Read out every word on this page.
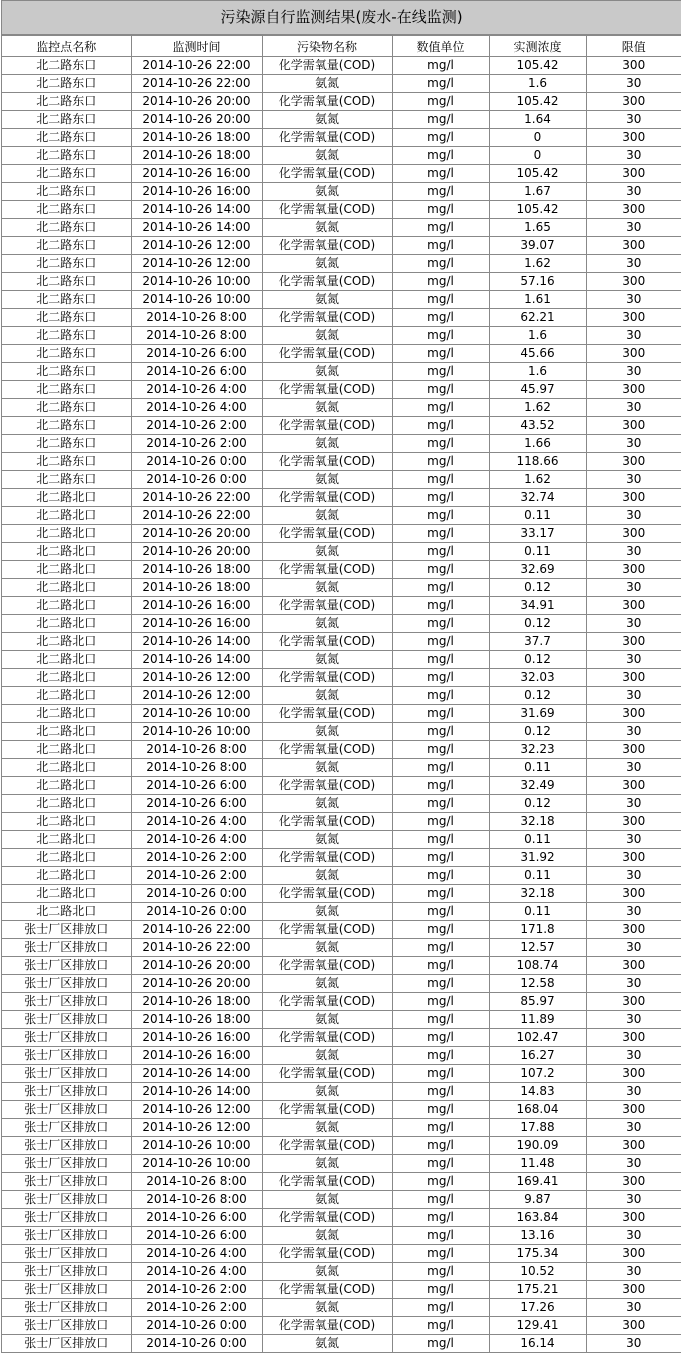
污染源自行监测结果(废水-在线监测)
监控点名称	监测时间	污染物名称	数值单位	实测浓度	限值
北二路东口	2014-10-26 22:00	化学需氧量(COD)	mg/l	105.42	300
北二路东口	2014-10-26 22:00	氨氮	mg/l	1.6	30
北二路东口	2014-10-26 20:00	化学需氧量(COD)	mg/l	105.42	300
北二路东口	2014-10-26 20:00	氨氮	mg/l	1.64	30
北二路东口	2014-10-26 18:00	化学需氧量(COD)	mg/l	0	300
北二路东口	2014-10-26 18:00	氨氮	mg/l	0	30
北二路东口	2014-10-26 16:00	化学需氧量(COD)	mg/l	105.42	300
北二路东口	2014-10-26 16:00	氨氮	mg/l	1.67	30
北二路东口	2014-10-26 14:00	化学需氧量(COD)	mg/l	105.42	300
北二路东口	2014-10-26 14:00	氨氮	mg/l	1.65	30
北二路东口	2014-10-26 12:00	化学需氧量(COD)	mg/l	39.07	300
北二路东口	2014-10-26 12:00	氨氮	mg/l	1.62	30
北二路东口	2014-10-26 10:00	化学需氧量(COD)	mg/l	57.16	300
北二路东口	2014-10-26 10:00	氨氮	mg/l	1.61	30
北二路东口	2014-10-26 8:00	化学需氧量(COD)	mg/l	62.21	300
北二路东口	2014-10-26 8:00	氨氮	mg/l	1.6	30
北二路东口	2014-10-26 6:00	化学需氧量(COD)	mg/l	45.66	300
北二路东口	2014-10-26 6:00	氨氮	mg/l	1.6	30
北二路东口	2014-10-26 4:00	化学需氧量(COD)	mg/l	45.97	300
北二路东口	2014-10-26 4:00	氨氮	mg/l	1.62	30
北二路东口	2014-10-26 2:00	化学需氧量(COD)	mg/l	43.52	300
北二路东口	2014-10-26 2:00	氨氮	mg/l	1.66	30
北二路东口	2014-10-26 0:00	化学需氧量(COD)	mg/l	118.66	300
北二路东口	2014-10-26 0:00	氨氮	mg/l	1.62	30
北二路北口	2014-10-26 22:00	化学需氧量(COD)	mg/l	32.74	300
北二路北口	2014-10-26 22:00	氨氮	mg/l	0.11	30
北二路北口	2014-10-26 20:00	化学需氧量(COD)	mg/l	33.17	300
北二路北口	2014-10-26 20:00	氨氮	mg/l	0.11	30
北二路北口	2014-10-26 18:00	化学需氧量(COD)	mg/l	32.69	300
北二路北口	2014-10-26 18:00	氨氮	mg/l	0.12	30
北二路北口	2014-10-26 16:00	化学需氧量(COD)	mg/l	34.91	300
北二路北口	2014-10-26 16:00	氨氮	mg/l	0.12	30
北二路北口	2014-10-26 14:00	化学需氧量(COD)	mg/l	37.7	300
北二路北口	2014-10-26 14:00	氨氮	mg/l	0.12	30
北二路北口	2014-10-26 12:00	化学需氧量(COD)	mg/l	32.03	300
北二路北口	2014-10-26 12:00	氨氮	mg/l	0.12	30
北二路北口	2014-10-26 10:00	化学需氧量(COD)	mg/l	31.69	300
北二路北口	2014-10-26 10:00	氨氮	mg/l	0.12	30
北二路北口	2014-10-26 8:00	化学需氧量(COD)	mg/l	32.23	300
北二路北口	2014-10-26 8:00	氨氮	mg/l	0.11	30
北二路北口	2014-10-26 6:00	化学需氧量(COD)	mg/l	32.49	300
北二路北口	2014-10-26 6:00	氨氮	mg/l	0.12	30
北二路北口	2014-10-26 4:00	化学需氧量(COD)	mg/l	32.18	300
北二路北口	2014-10-26 4:00	氨氮	mg/l	0.11	30
北二路北口	2014-10-26 2:00	化学需氧量(COD)	mg/l	31.92	300
北二路北口	2014-10-26 2:00	氨氮	mg/l	0.11	30
北二路北口	2014-10-26 0:00	化学需氧量(COD)	mg/l	32.18	300
北二路北口	2014-10-26 0:00	氨氮	mg/l	0.11	30
张士厂区排放口	2014-10-26 22:00	化学需氧量(COD)	mg/l	171.8	300
张士厂区排放口	2014-10-26 22:00	氨氮	mg/l	12.57	30
张士厂区排放口	2014-10-26 20:00	化学需氧量(COD)	mg/l	108.74	300
张士厂区排放口	2014-10-26 20:00	氨氮	mg/l	12.58	30
张士厂区排放口	2014-10-26 18:00	化学需氧量(COD)	mg/l	85.97	300
张士厂区排放口	2014-10-26 18:00	氨氮	mg/l	11.89	30
张士厂区排放口	2014-10-26 16:00	化学需氧量(COD)	mg/l	102.47	300
张士厂区排放口	2014-10-26 16:00	氨氮	mg/l	16.27	30
张士厂区排放口	2014-10-26 14:00	化学需氧量(COD)	mg/l	107.2	300
张士厂区排放口	2014-10-26 14:00	氨氮	mg/l	14.83	30
张士厂区排放口	2014-10-26 12:00	化学需氧量(COD)	mg/l	168.04	300
张士厂区排放口	2014-10-26 12:00	氨氮	mg/l	17.88	30
张士厂区排放口	2014-10-26 10:00	化学需氧量(COD)	mg/l	190.09	300
张士厂区排放口	2014-10-26 10:00	氨氮	mg/l	11.48	30
张士厂区排放口	2014-10-26 8:00	化学需氧量(COD)	mg/l	169.41	300
张士厂区排放口	2014-10-26 8:00	氨氮	mg/l	9.87	30
张士厂区排放口	2014-10-26 6:00	化学需氧量(COD)	mg/l	163.84	300
张士厂区排放口	2014-10-26 6:00	氨氮	mg/l	13.16	30
张士厂区排放口	2014-10-26 4:00	化学需氧量(COD)	mg/l	175.34	300
张士厂区排放口	2014-10-26 4:00	氨氮	mg/l	10.52	30
张士厂区排放口	2014-10-26 2:00	化学需氧量(COD)	mg/l	175.21	300
张士厂区排放口	2014-10-26 2:00	氨氮	mg/l	17.26	30
张士厂区排放口	2014-10-26 0:00	化学需氧量(COD)	mg/l	129.41	300
张士厂区排放口	2014-10-26 0:00	氨氮	mg/l	16.14	30
